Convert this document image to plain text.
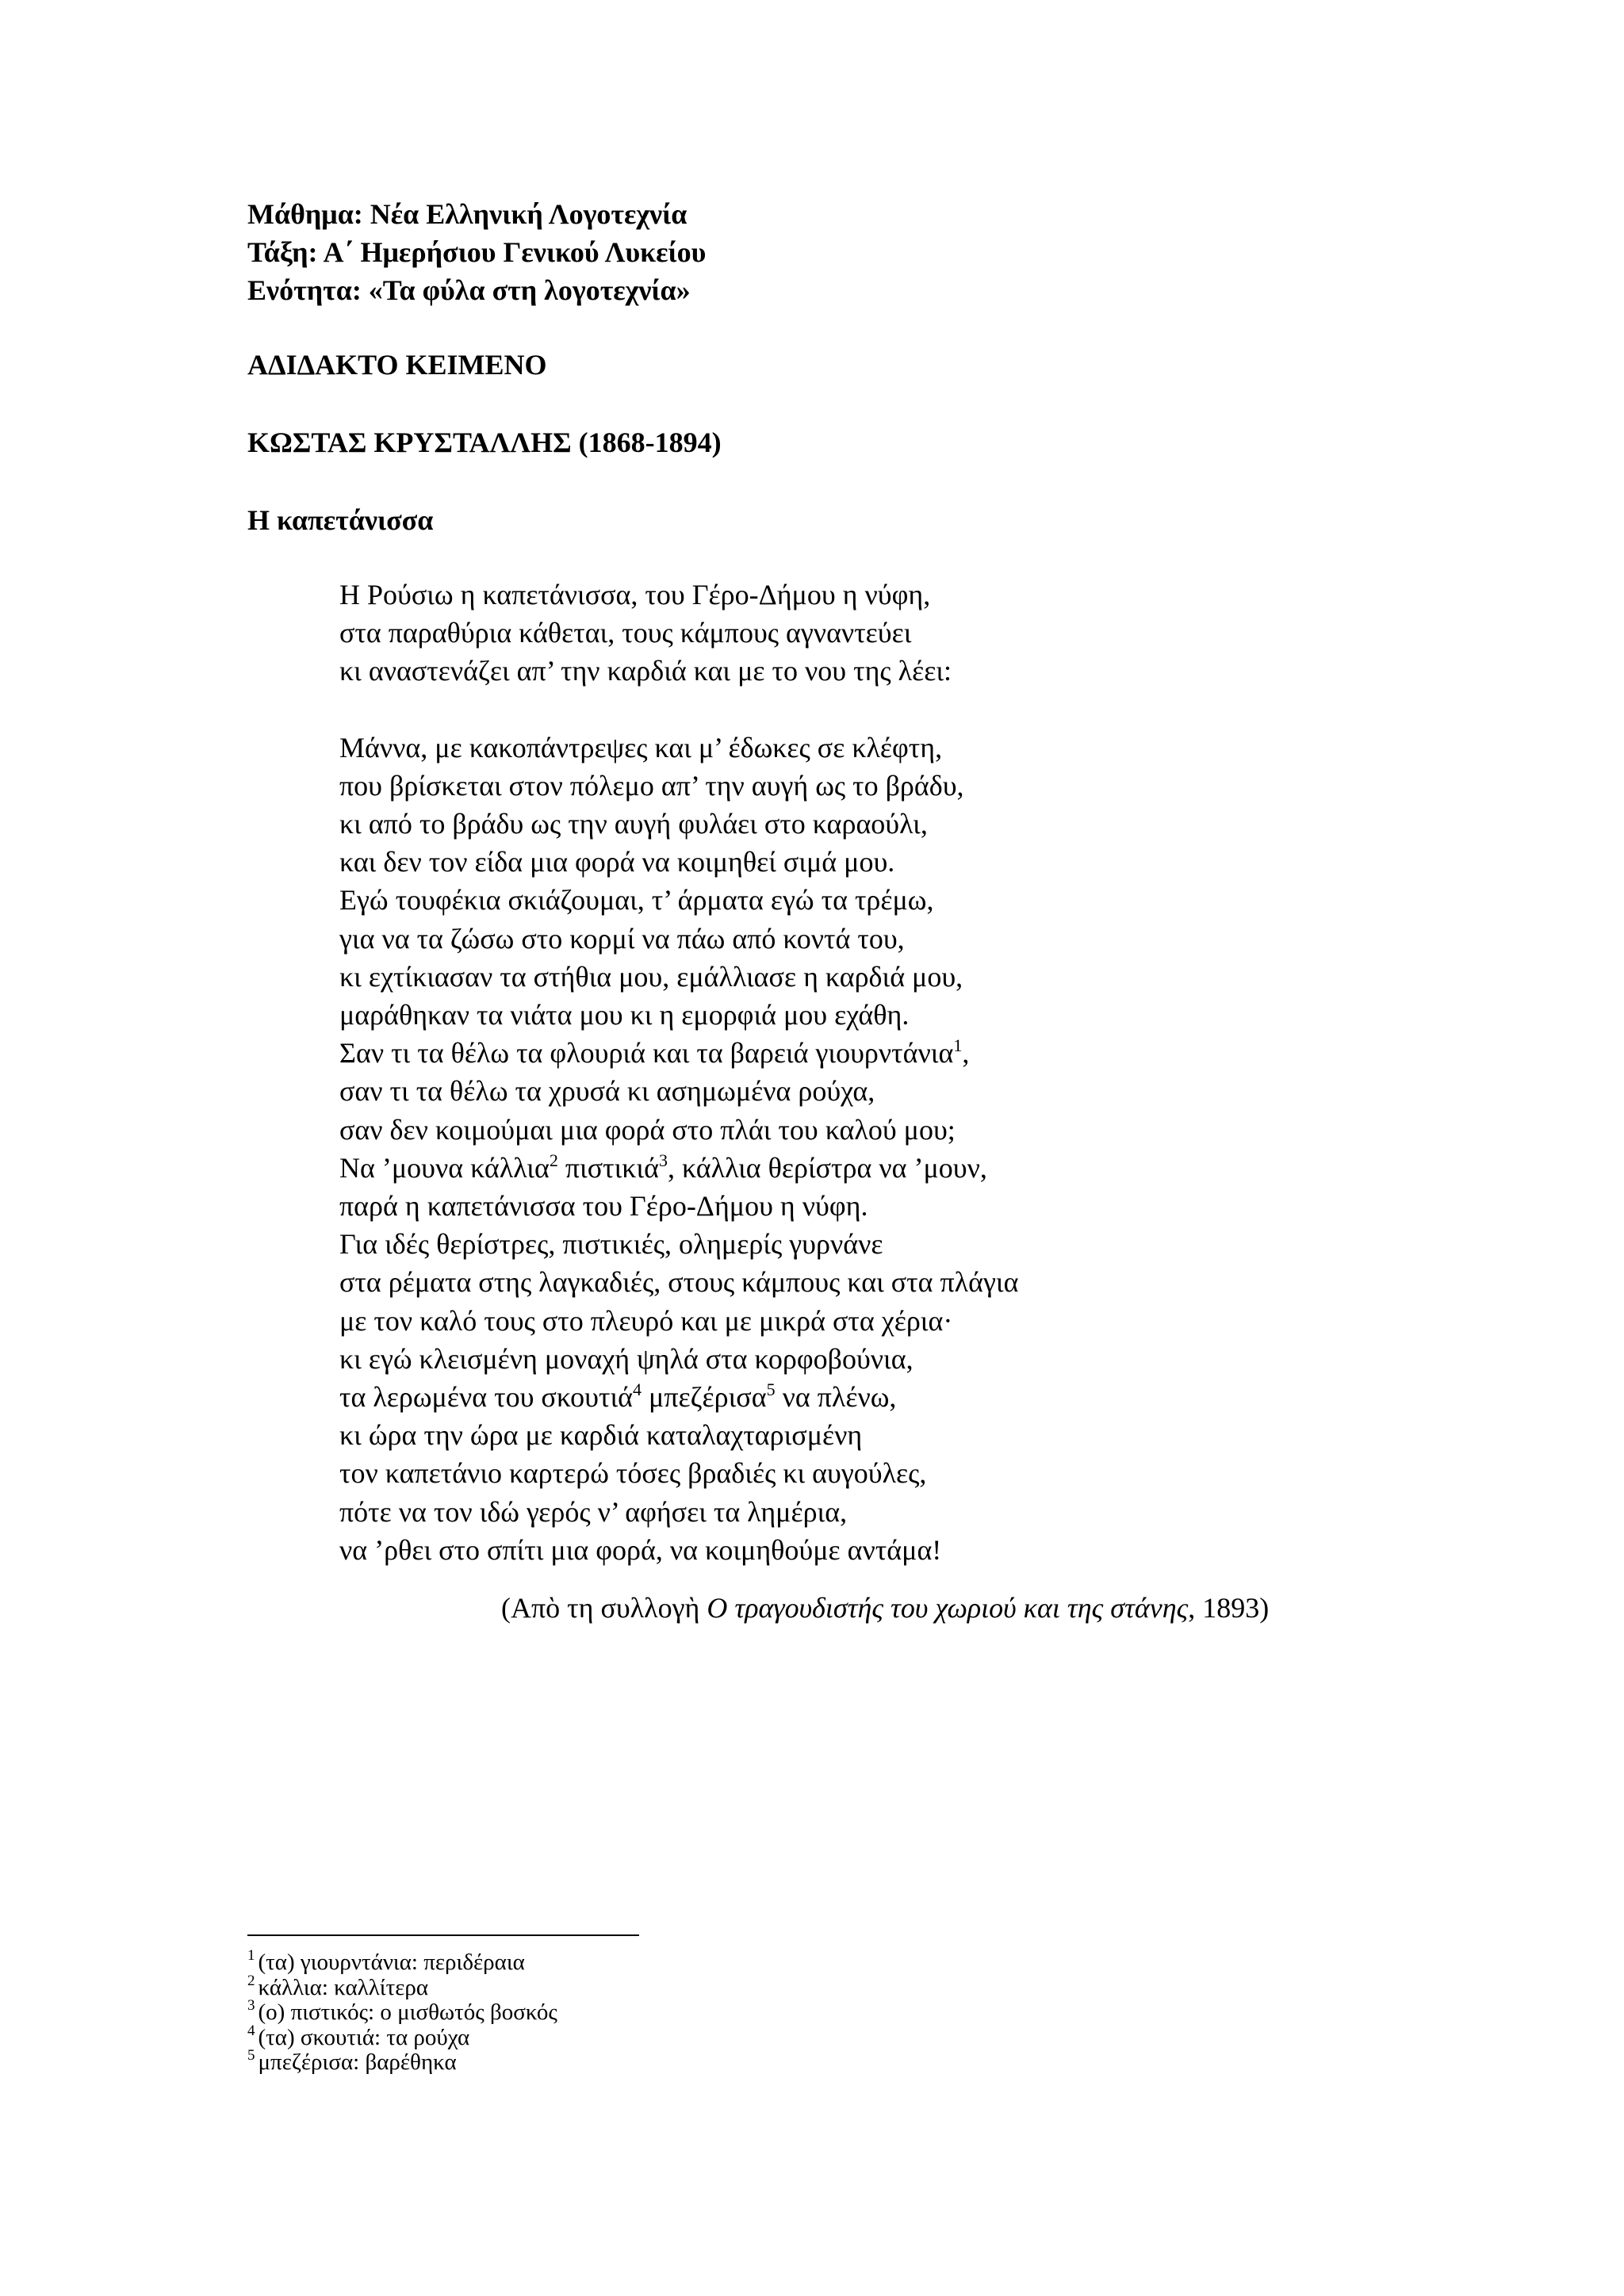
Μάθημα: Νέα Ελληνική Λογοτεχνία
Τάξη: Α΄ Ημερήσιου Γενικού Λυκείου
Ενότητα: «Τα φύλα στη λογοτεχνία»
ΑΔΙΔΑΚΤΟ ΚΕΙΜΕΝΟ
ΚΩΣΤΑΣ ΚΡΥΣΤΑΛΛΗΣ (1868-1894)
Η καπετάνισσα
Η Ρούσιω η καπετάνισσα, του Γέρο-Δήμου η νύφη,
στα παραθύρια κάθεται, τους κάμπους αγναντεύει
κι αναστενάζει απ’ την καρδιά και με το νου της λέει:
Μάννα, με κακοπάντρεψες και μ’ έδωκες σε κλέφτη,
που βρίσκεται στον πόλεμο απ’ την αυγή ως το βράδυ,
κι από το βράδυ ως την αυγή φυλάει στο καραούλι,
και δεν τον είδα μια φορά να κοιμηθεί σιμά μου.
Εγώ τουφέκια σκιάζουμαι, τ’ άρματα εγώ τα τρέμω,
για να τα ζώσω στο κορμί να πάω από κοντά του,
κι εχτίκιασαν τα στήθια μου, εμάλλιασε η καρδιά μου,
μαράθηκαν τα νιάτα μου κι η εμορφιά μου εχάθη.
Σαν τι τα θέλω τα φλουριά και τα βαρειά γιουρντάνια$^1$,
σαν τι τα θέλω τα χρυσά κι ασημωμένα ρούχα,
σαν δεν κοιμούμαι μια φορά στο πλάι του καλού μου;
Να ’μουνα κάλλια$^2$ πιστικιά$^3$, κάλλια θερίστρα να ’μουν,
παρά η καπετάνισσα του Γέρο-Δήμου η νύφη.
Για ιδές θερίστρες, πιστικιές, ολημερίς γυρνάνε
στα ρέματα στης λαγκαδιές, στους κάμπους και στα πλάγια
με τον καλό τους στο πλευρό και με μικρά στα χέρια·
κι εγώ κλεισμένη μοναχή ψηλά στα κορφοβούνια,
τα λερωμένα του σκουτιά$^4$ μπεζέρισα$^5$ να πλένω,
κι ώρα την ώρα με καρδιά καταλαχταρισμένη
τον καπετάνιο καρτερώ τόσες βραδιές κι αυγούλες,
πότε να τον ιδώ γερός ν’ αφήσει τα λημέρια,
να ’ρθει στο σπίτι μια φορά, να κοιμηθούμε αντάμα!
(Απὸ τη συλλογὴ Ο τραγουδιστής του χωριού και της στάνης, 1893)
$^1$ (τα) γιουρντάνια: περιδέραια
$^2$ κάλλια: καλλίτερα
$^3$ (ο) πιστικός: ο μισθωτός βοσκός
$^4$ (τα) σκουτιά: τα ρούχα
$^5$ μπεζέρισα: βαρέθηκα
